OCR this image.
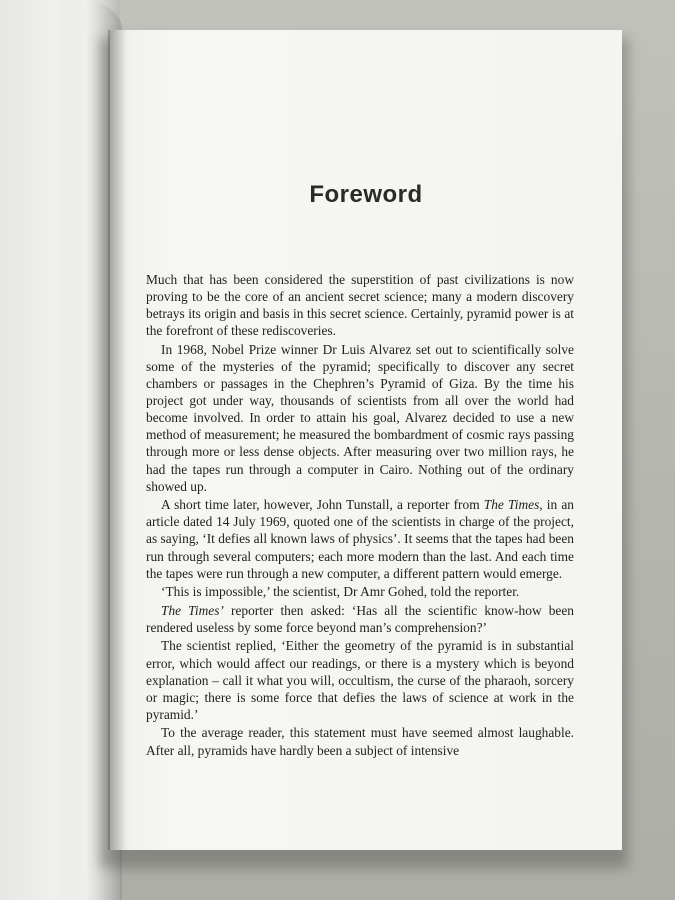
Foreword

Much that has been considered the superstition of past civilizations is now proving to be the core of an ancient secret science; many a modern discovery betrays its origin and basis in this secret science. Certainly, pyramid power is at the forefront of these rediscoveries.

In 1968, Nobel Prize winner Dr Luis Alvarez set out to scientifically solve some of the mysteries of the pyramid; specifically to discover any secret chambers or passages in the Chephren’s Pyramid of Giza. By the time his project got under way, thousands of scientists from all over the world had become involved. In order to attain his goal, Alvarez decided to use a new method of measurement; he measured the bombardment of cosmic rays passing through more or less dense objects. After measuring over two million rays, he had the tapes run through a computer in Cairo. Nothing out of the ordinary showed up.

A short time later, however, John Tunstall, a reporter from The Times, in an article dated 14 July 1969, quoted one of the scientists in charge of the project, as saying, ‘It defies all known laws of physics’. It seems that the tapes had been run through several computers; each more modern than the last. And each time the tapes were run through a new computer, a different pattern would emerge.

‘This is impossible,’ the scientist, Dr Amr Gohed, told the reporter.

The Times’ reporter then asked: ‘Has all the scientific know-how been rendered useless by some force beyond man’s comprehension?’

The scientist replied, ‘Either the geometry of the pyramid is in substantial error, which would affect our readings, or there is a mystery which is beyond explanation – call it what you will, occultism, the curse of the pharaoh, sorcery or magic; there is some force that defies the laws of science at work in the pyramid.’

To the average reader, this statement must have seemed almost laughable. After all, pyramids have hardly been a subject of intensive
